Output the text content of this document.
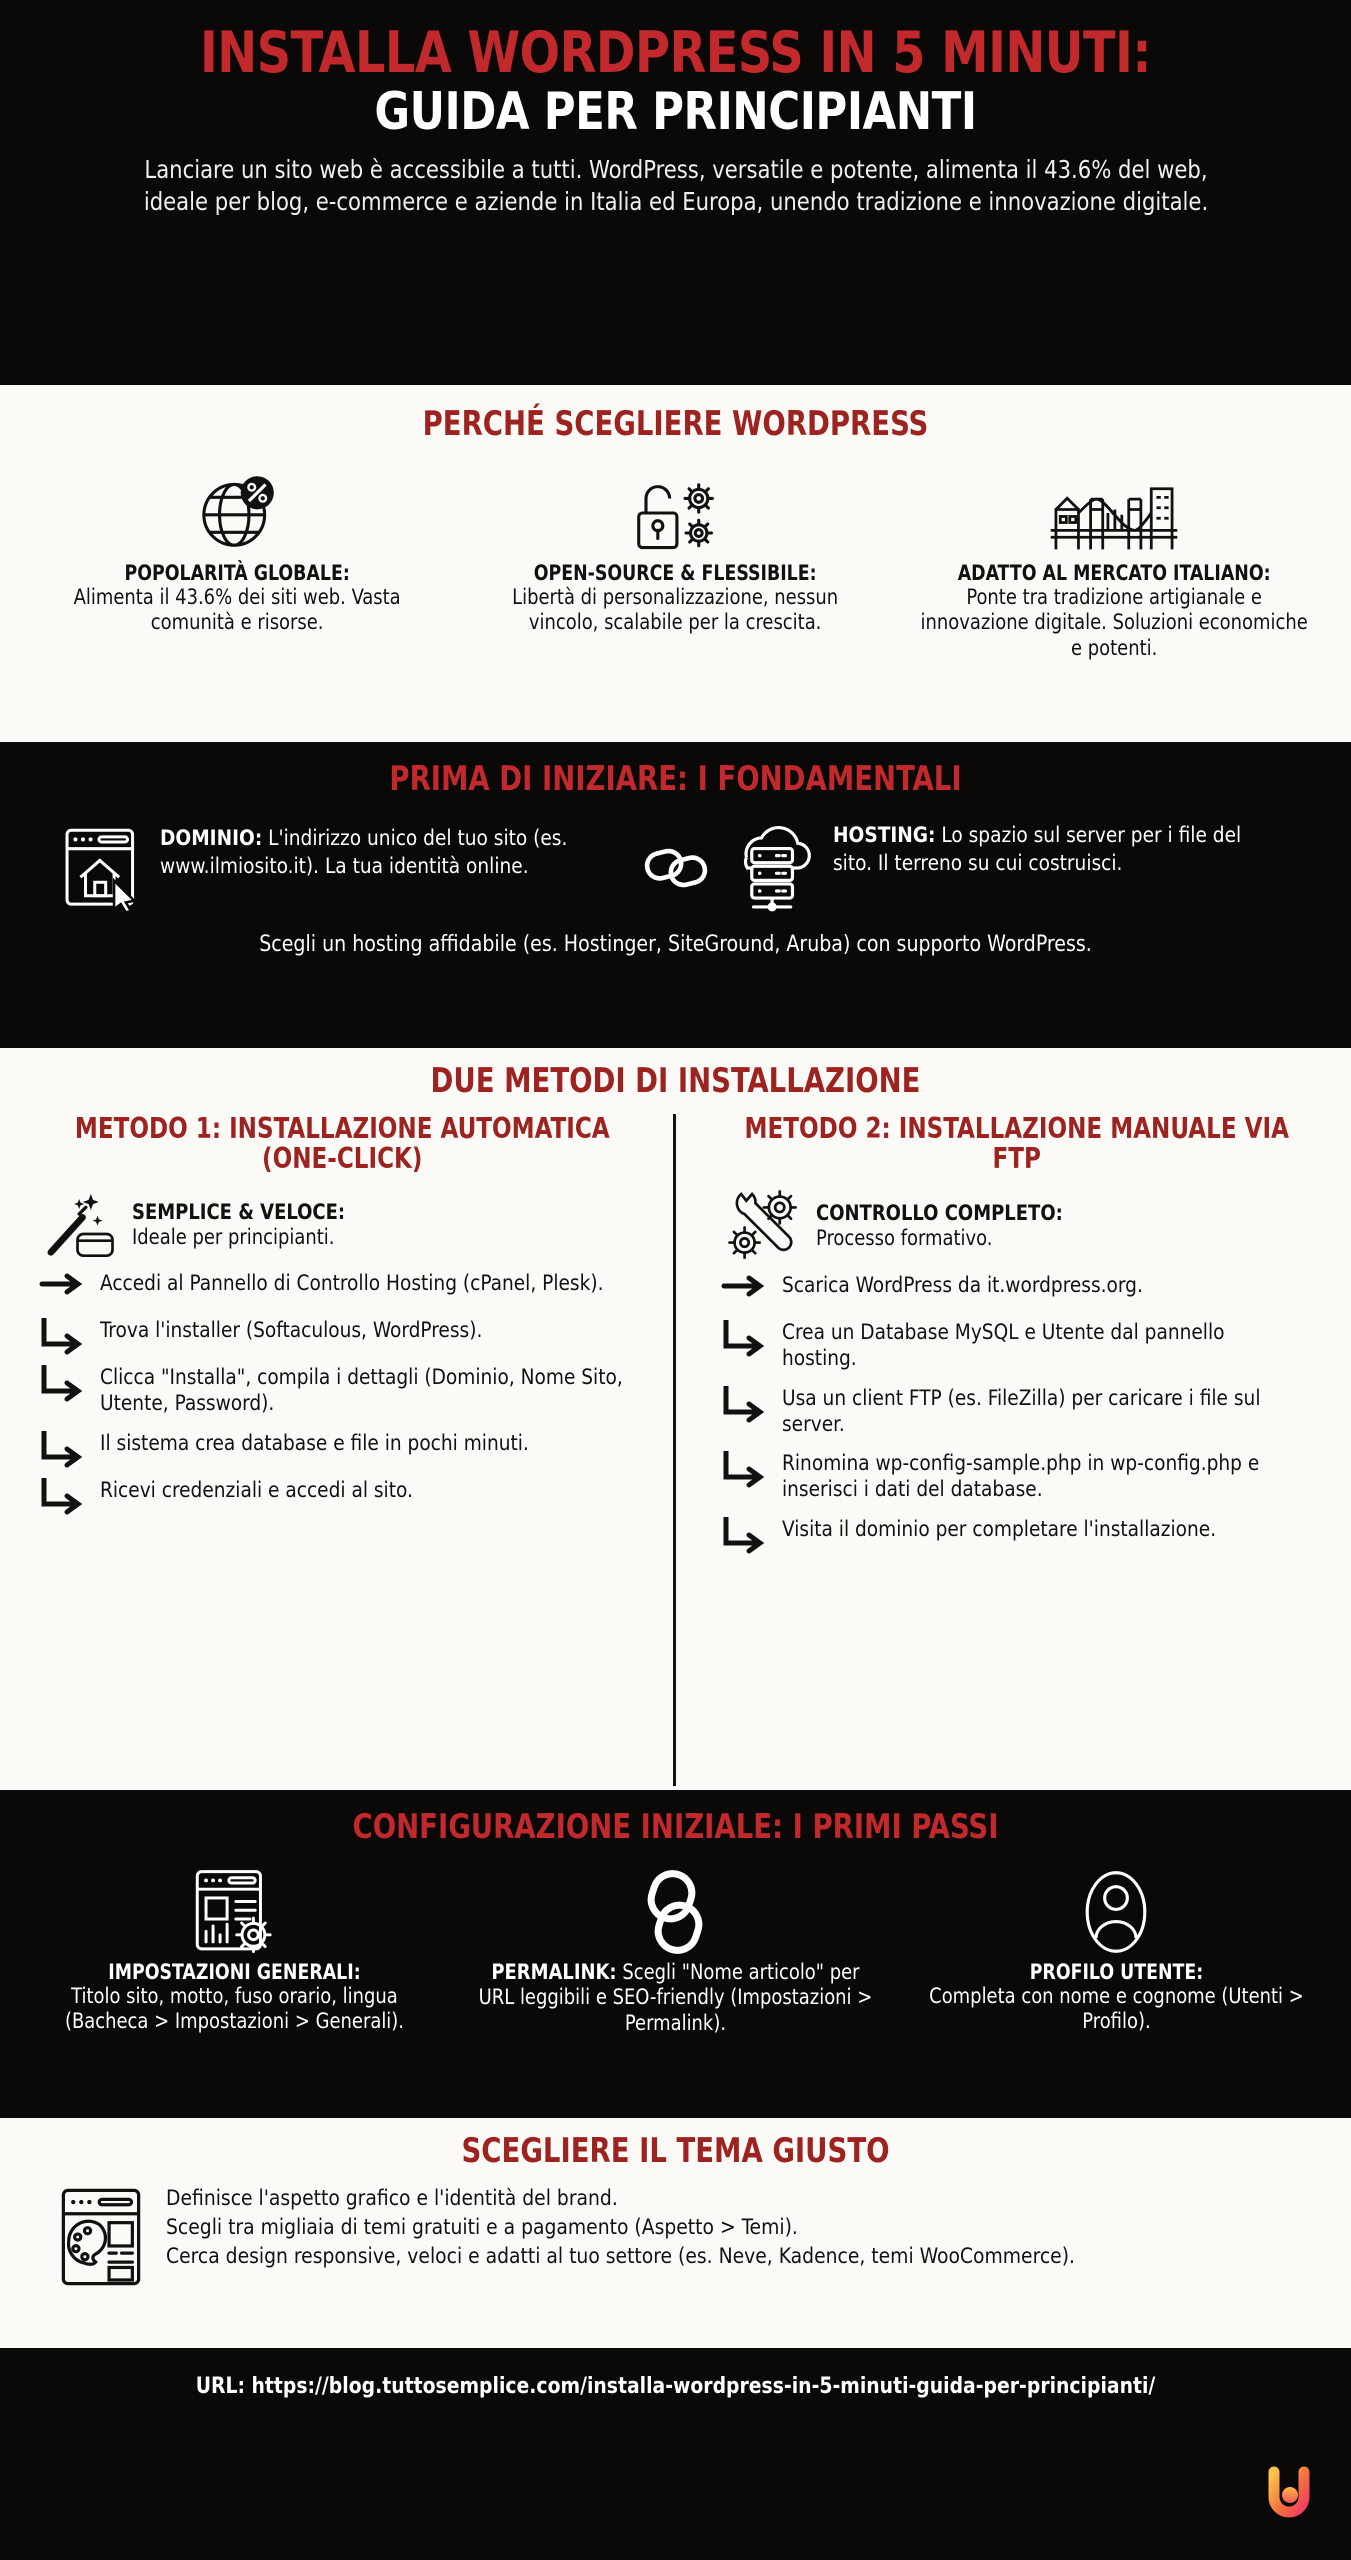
INSTALLA WORDPRESS IN 5 MINUTI:
GUIDA PER PRINCIPIANTI
Lanciare un sito web è accessibile a tutti. WordPress, versatile e potente, alimenta il 43.6% del web, ideale per blog, e-commerce e aziende in Italia ed Europa, unendo tradizione e innovazione digitale.
PERCHÉ SCEGLIERE WORDPRESS
POPOLARITÀ GLOBALE:
Alimenta il 43.6% dei siti web. Vasta comunità e risorse.
OPEN-SOURCE & FLESSIBILE:
Libertà di personalizzazione, nessun vincolo, scalabile per la crescita.
ADATTO AL MERCATO ITALIANO:
Ponte tra tradizione artigianale e innovazione digitale. Soluzioni economiche e potenti.
PRIMA DI INIZIARE: I FONDAMENTALI
DOMINIO: L'indirizzo unico del tuo sito (es. www.ilmiosito.it). La tua identità online.
HOSTING: Lo spazio sul server per i file del sito. Il terreno su cui costruisci.
Scegli un hosting affidabile (es. Hostinger, SiteGround, Aruba) con supporto WordPress.
DUE METODI DI INSTALLAZIONE
METODO 1: INSTALLAZIONE AUTOMATICA (ONE-CLICK)
SEMPLICE & VELOCE:
Ideale per principianti.
Accedi al Pannello di Controllo Hosting (cPanel, Plesk).
Trova l'installer (Softaculous, WordPress).
Clicca "Installa", compila i dettagli (Dominio, Nome Sito, Utente, Password).
Il sistema crea database e file in pochi minuti.
Ricevi credenziali e accedi al sito.
METODO 2: INSTALLAZIONE MANUALE VIA FTP
CONTROLLO COMPLETO:
Processo formativo.
Scarica WordPress da it.wordpress.org.
Crea un Database MySQL e Utente dal pannello hosting.
Usa un client FTP (es. FileZilla) per caricare i file sul server.
Rinomina wp-config-sample.php in wp-config.php e inserisci i dati del database.
Visita il dominio per completare l'installazione.
CONFIGURAZIONE INIZIALE: I PRIMI PASSI
IMPOSTAZIONI GENERALI:
Titolo sito, motto, fuso orario, lingua (Bacheca > Impostazioni > Generali).
PERMALINK: Scegli "Nome articolo" per URL leggibili e SEO-friendly (Impostazioni > Permalink).
PROFILO UTENTE:
Completa con nome e cognome (Utenti > Profilo).
SCEGLIERE IL TEMA GIUSTO
Definisce l'aspetto grafico e l'identità del brand.
Scegli tra migliaia di temi gratuiti e a pagamento (Aspetto > Temi).
Cerca design responsive, veloci e adatti al tuo settore (es. Neve, Kadence, temi WooCommerce).
URL: https://blog.tuttosemplice.com/installa-wordpress-in-5-minuti-guida-per-principianti/
